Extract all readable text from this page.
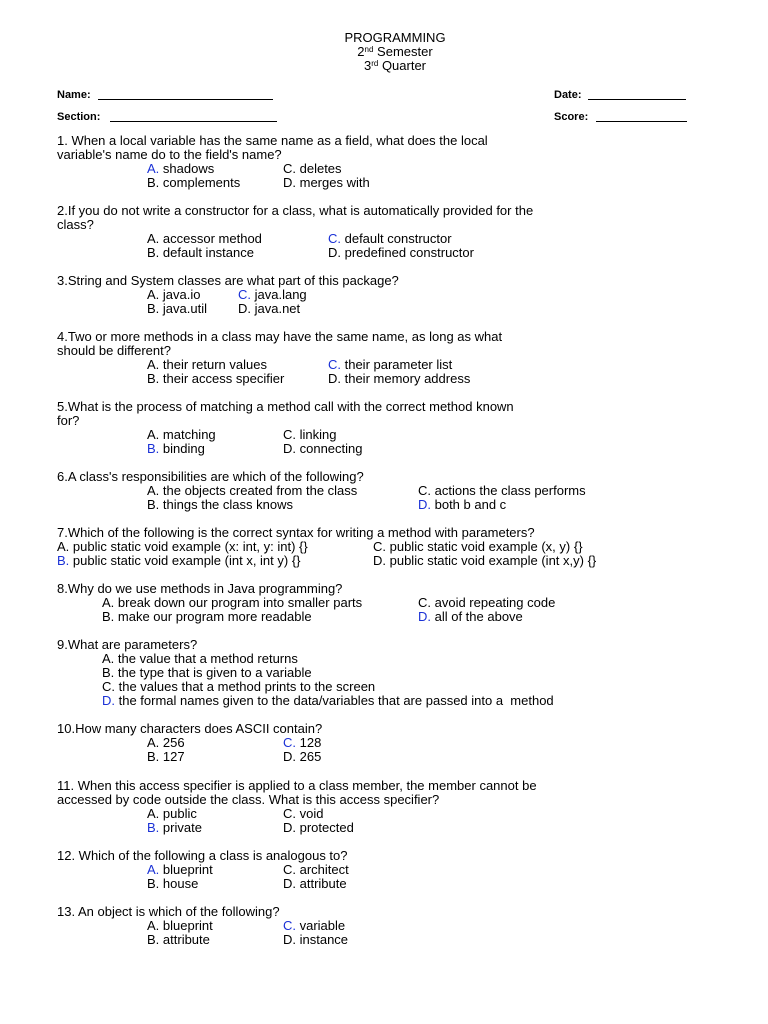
PROGRAMMING
2nd Semester
3rd Quarter
Name:	Date:
Section:	Score:
1. When a local variable has the same name as a field, what does the local
variable's name do to the field's name?
A. shadows	C. deletes
B. complements	D. merges with
2.If you do not write a constructor for a class, what is automatically provided for the
class?
A. accessor method	C. default constructor
B. default instance	D. predefined constructor
3.String and System classes are what part of this package?
A. java.io	C. java.lang
B. java.util D. java.net
4.Two or more methods in a class may have the same name, as long as what
should be different?
A. their return values	C. their parameter list
B. their access specifier	D. their memory address
5.What is the process of matching a method call with the correct method known
for?
A. matching	C. linking
B. binding	D. connecting
6.A class's responsibilities are which of the following?
A. the objects created from the class	C. actions the class performs
B. things the class knows	D. both b and c
7.Which of the following is the correct syntax for writing a method with parameters?
A. public static void example (x: int, y: int) {}	C. public static void example (x, y) {}
B. public static void example (int x, int y) {}	D. public static void example (int x,y) {}
8.Why do we use methods in Java programming?
A. break down our program into smaller parts	C. avoid repeating code
B. make our program more readable	D. all of the above
9.What are parameters?
A. the value that a method returns
B. the type that is given to a variable
C. the values that a method prints to the screen
D. the formal names given to the data/variables that are passed into a  method
10.How many characters does ASCII contain?
A. 256	C. 128
B. 127	D. 265
11. When this access specifier is applied to a class member, the member cannot be
accessed by code outside the class. What is this access specifier?
A. public	C. void
B. private	D. protected
12. Which of the following a class is analogous to?
A. blueprint	C. architect
B. house	D. attribute
13. An object is which of the following?
A. blueprint	C. variable
B. attribute	D. instance
